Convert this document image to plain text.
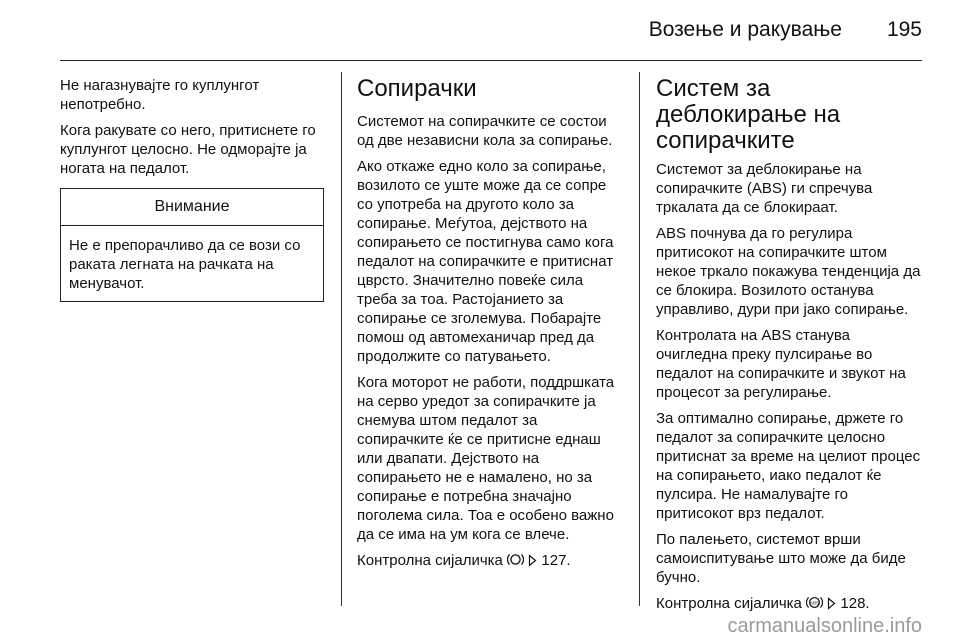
Возење и ракување 195

Не нагазнувајте го куплунгот непотребно.

Кога ракувате со него, притиснете го куплунгот целосно. Не одморајте ја ногата на педалот.

Внимание
Не е препорачливо да се вози со раката легната на рачката на менувачот.
Сопирачки

Системот на сопирачките се состои од две независни кола за сопирање.

Ако откаже едно коло за сопирање, возилото се уште може да се сопре со употреба на другото коло за сопирање. Меѓутоа, дејството на сопирањето се постигнува само кога педалот на сопирачките е притиснат цврсто. Значително повеќе сила треба за тоа. Растојанието за сопирање се зголемува. Побарајте помош од автомеханичар пред да продолжите со патувањето.

Кога моторот не работи, поддршката на серво уредот за сопирачките ја снемува штом педалот за сопирачките ќе се притисне еднаш или двапати. Дејството на сопирањето не е намалено, но за сопирање е потребна значајно поголема сила. Тоа е особено важно да се има на ум кога се влече.

Контролна сијаличка	127.

Систем за деблокирање на сопирачките

Системот за деблокирање на сопирачките (ABS) ги спречува тркалата да се блокираат.

ABS почнува да го регулира притисокот на сопирачките штом некое тркало покажува тенденција да се блокира. Возилото останува управливо, дури при јако сопирање.

Контролата на ABS станува очигледна преку пулсирање во педалот на сопирачките и звукот на процесот за регулирање.

За оптимално сопирање, држете го педалот за сопирачките целосно притиснат за време на целиот процес на сопирањето, иако педалот ќе пулсира. Не намалувајте го притисокот врз педалот.

По палењето, системот врши самоиспитување што може да биде бучно.

Контролна сијаличка ABS 128.

carmanualsonline.info
